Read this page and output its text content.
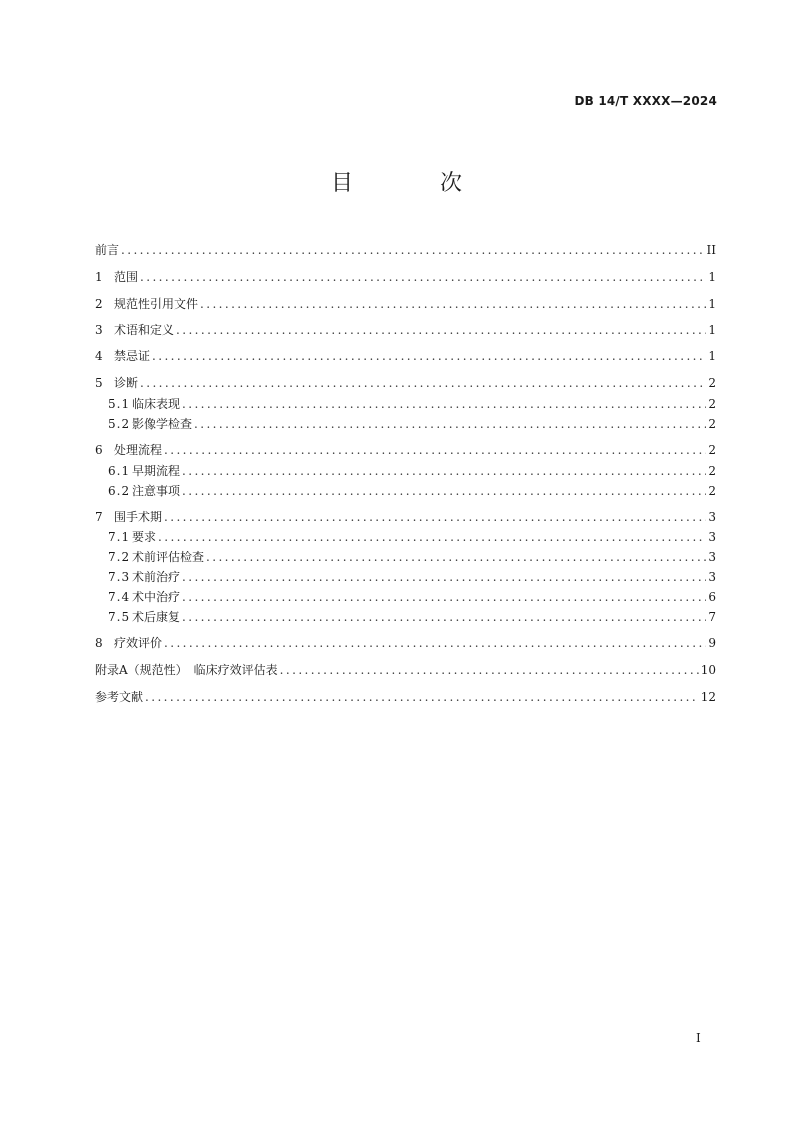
DB 14/T XXXX—2024
目 次
前言 .....	II
1 范围 .....	1
2 规范性引用文件 .....	1
3 术语和定义 .....	1
4 禁忌证 .....	1
5 诊断 .....	2
5.1 临床表现 .....	2
5.2 影像学检查 .....	2
6 处理流程 .....	2
6.1 早期流程 .....	2
6.2 注意事项 .....	2
7 围手术期 .....	3
7.1 要求 .....	3
7.2 术前评估检查 .....	3
7.3 术前治疗 .....	3
7.4 术中治疗 .....	6
7.5 术后康复 .....	7
8 疗效评价 .....	9
附录A（规范性）　临床疗效评估表 .....	10
参考文献 .....	12
I
